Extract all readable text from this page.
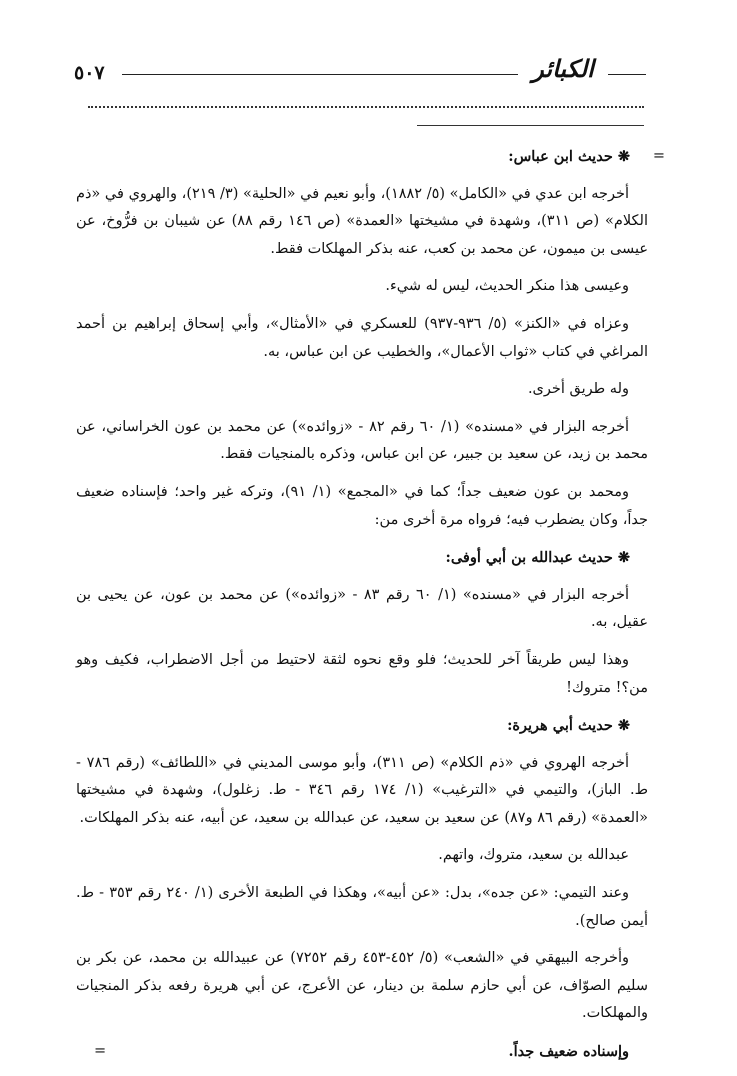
٥٠٧	الكبائر
=
❋ حديث ابن عباس:

أخرجه ابن عدي في «الكامل» (٥/ ١٨٨٢)، وأبو نعيم في «الحلية» (٣/ ٢١٩)، والهروي في «ذم الكلام» (ص ٣١١)، وشهدة في مشيختها «العمدة» (ص ١٤٦ رقم ٨٨) عن شيبان بن فرُّوخ، عن عيسى بن ميمون، عن محمد بن كعب، عنه بذكر المهلكات فقط.

وعيسى هذا منكر الحديث، ليس له شيء.

وعزاه في «الكنز» (٥/ ٩٣٦-٩٣٧) للعسكري في «الأمثال»، وأبي إسحاق إبراهيم بن أحمد المراغي في كتاب «ثواب الأعمال»، والخطيب عن ابن عباس، به.

وله طريق أخرى.

أخرجه البزار في «مسنده» (١/ ٦٠ رقم ٨٢ - «زوائده») عن محمد بن عون الخراساني، عن محمد بن زيد، عن سعيد بن جبير، عن ابن عباس، وذكره بالمنجيات فقط.

ومحمد بن عون ضعيف جداً؛ كما في «المجمع» (١/ ٩١)، وتركه غير واحد؛ فإسناده ضعيف جداً، وكان يضطرب فيه؛ فرواه مرة أخرى من:

❋ حديث عبدالله بن أبي أوفى:

أخرجه البزار في «مسنده» (١/ ٦٠ رقم ٨٣ - «زوائده») عن محمد بن عون، عن يحيى بن عقيل، به.

وهذا ليس طريقاً آخر للحديث؛ فلو وقع نحوه لثقة لاحتيط من أجل الاضطراب، فكيف وهو من؟! متروك!

❋ حديث أبي هريرة:

أخرجه الهروي في «ذم الكلام» (ص ٣١١)، وأبو موسى المديني في «اللطائف» (رقم ٧٨٦ - ط. الباز)، والتيمي في «الترغيب» (١/ ١٧٤ رقم ٣٤٦ - ط. زغلول)، وشهدة في مشيختها «العمدة» (رقم ٨٦ و٨٧) عن سعيد بن سعيد، عن عبدالله بن سعيد، عن أبيه، عنه بذكر المهلكات.

عبدالله بن سعيد، متروك، واتهم.

وعند التيمي: «عن جده»، بدل: «عن أبيه»، وهكذا في الطبعة الأخرى (١/ ٢٤٠ رقم ٣٥٣ - ط. أيمن صالح).

وأخرجه البيهقي في «الشعب» (٥/ ٤٥٢-٤٥٣ رقم ٧٢٥٢) عن عبيدالله بن محمد، عن بكر بن سليم الصوّاف، عن أبي حازم سلمة بن دينار، عن الأعرج، عن أبي هريرة رفعه بذكر المنجيات والمهلكات.

وإسناده ضعيف جداً.
=
